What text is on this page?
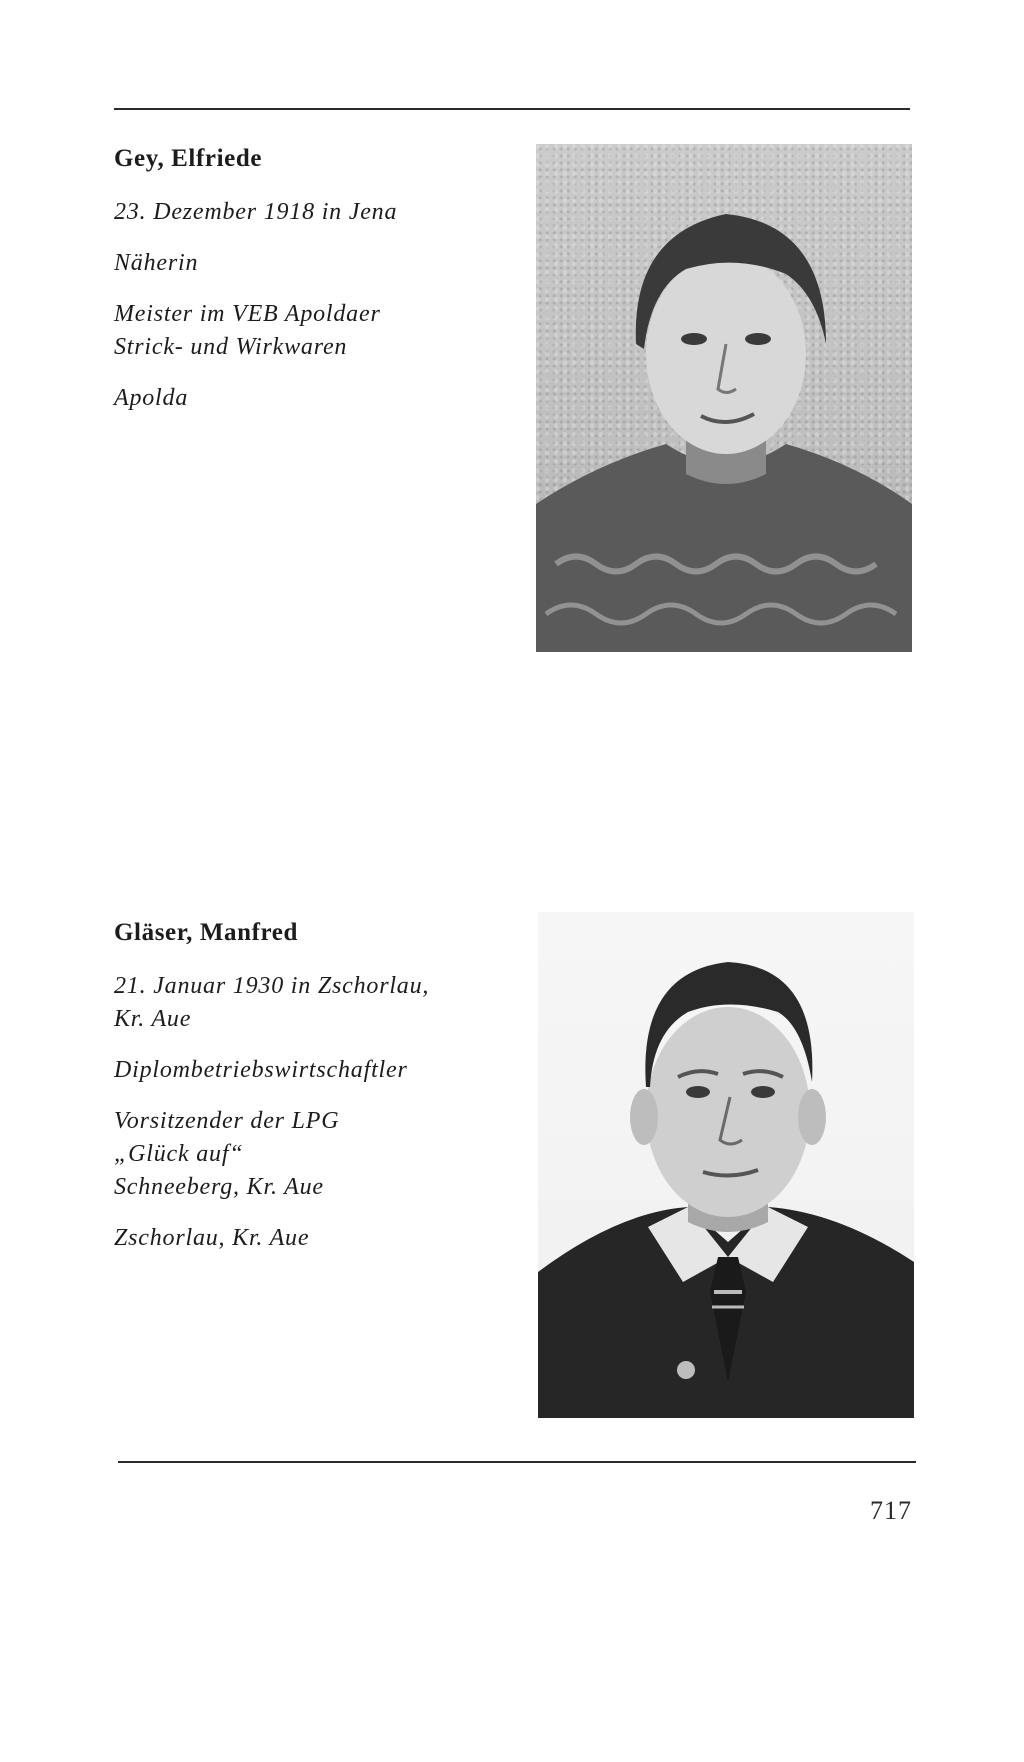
Gey, Elfriede

23. Dezember 1918 in Jena

Näherin

Meister im VEB Apoldaer

Strick- und Wirkwaren

Apolda

Gläser, Manfred

21. Januar 1930 in Zschorlau,

Kr. Aue

Diplombetriebswirtschaftler

Vorsitzender der LPG

„Glück auf“

Schneeberg, Kr. Aue

Zschorlau, Kr. Aue

717
